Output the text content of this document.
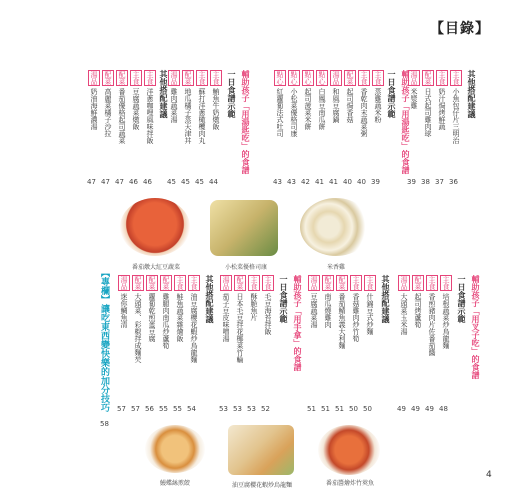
【目錄】
番茄燉大紅豆蔬菜	小松菜優格司康	米香雞
鰻蝶絲煎餃	油豆腐櫻花蝦炒烏龍麵	番茄醬燴炸竹莢魚
【專欄】讓吃東西變快樂的加分技巧
58
4
其他搭配建議
主食小魚包仔片三明治
36
主食奶汁焗烤鮮蔬
37
配菜日式起司雞肉球
38
湯品米漿雞
39
輔助孩子「用湯匙吃」的食譜
一日食譜示範
主食蒸雞蔬米粉
39
主食香乾肉末蔬菜粥
40
配菜起司焗香菇
40
湯品和風豆腐鍋
41
點心白鳳豆南瓜餅
41
點心起司菠菜米餅
42
點心小松菜優格司康
43
點心紅蘿蔔法式吐司
43
輔助孩子「用湯匙吃」的食譜
一日食譜示範
主食鮪魚牛奶燉飯
44
主食蘇打洋蔥橄欖肉丸
45
配菜地瓜橘子蒸天津丼
45
湯品雞肉蔬菜湯
45
其他搭配建議
主食洋蔥咖哩風味拌飯
46
主食豆腐蔬菜燉飯
46
配菜番茄優格起司蔬菜
47
配菜高麗菜橘子沙拉
47
湯品奶油海鮮濃湯
47
輔助孩子「用叉子吃」的食譜
一日食譜示範
主食培根蔬菜炒烏龍麵
48
主食香煎豬肉片佐番茄醬
49
配菜起司烤蘆筍
49
湯品大頭菜玉米湯
49
其他搭配建議
主食什錦豆式炒麵
50
主食香菇雞肉炒竹筍
50
配菜番茄鯖魚義大利麵
51
配菜南瓜燒雞肉
51
湯品豆腐蔬菜湯
51
輔助孩子「用手拿」的食譜
一日食譜示範
主食毛豆海苔拌飯
52
主食酥脆魚片
53
配菜日本毛豆拌花椰菜竹輪
53
湯品茄子豆皮味噌湯
53
其他搭配建議
主食油豆腐櫻花蝦炒烏龍麵
54
主食鮭魚蔬菜雜燴飯
55
配菜雞腿肉南瓜炒蘆筍
55
配菜蘿蔔乾煎蛋豆腐
56
配菜大頭菜、彩椒拌成麵芡
57
湯品迷你鯛魚清
57
